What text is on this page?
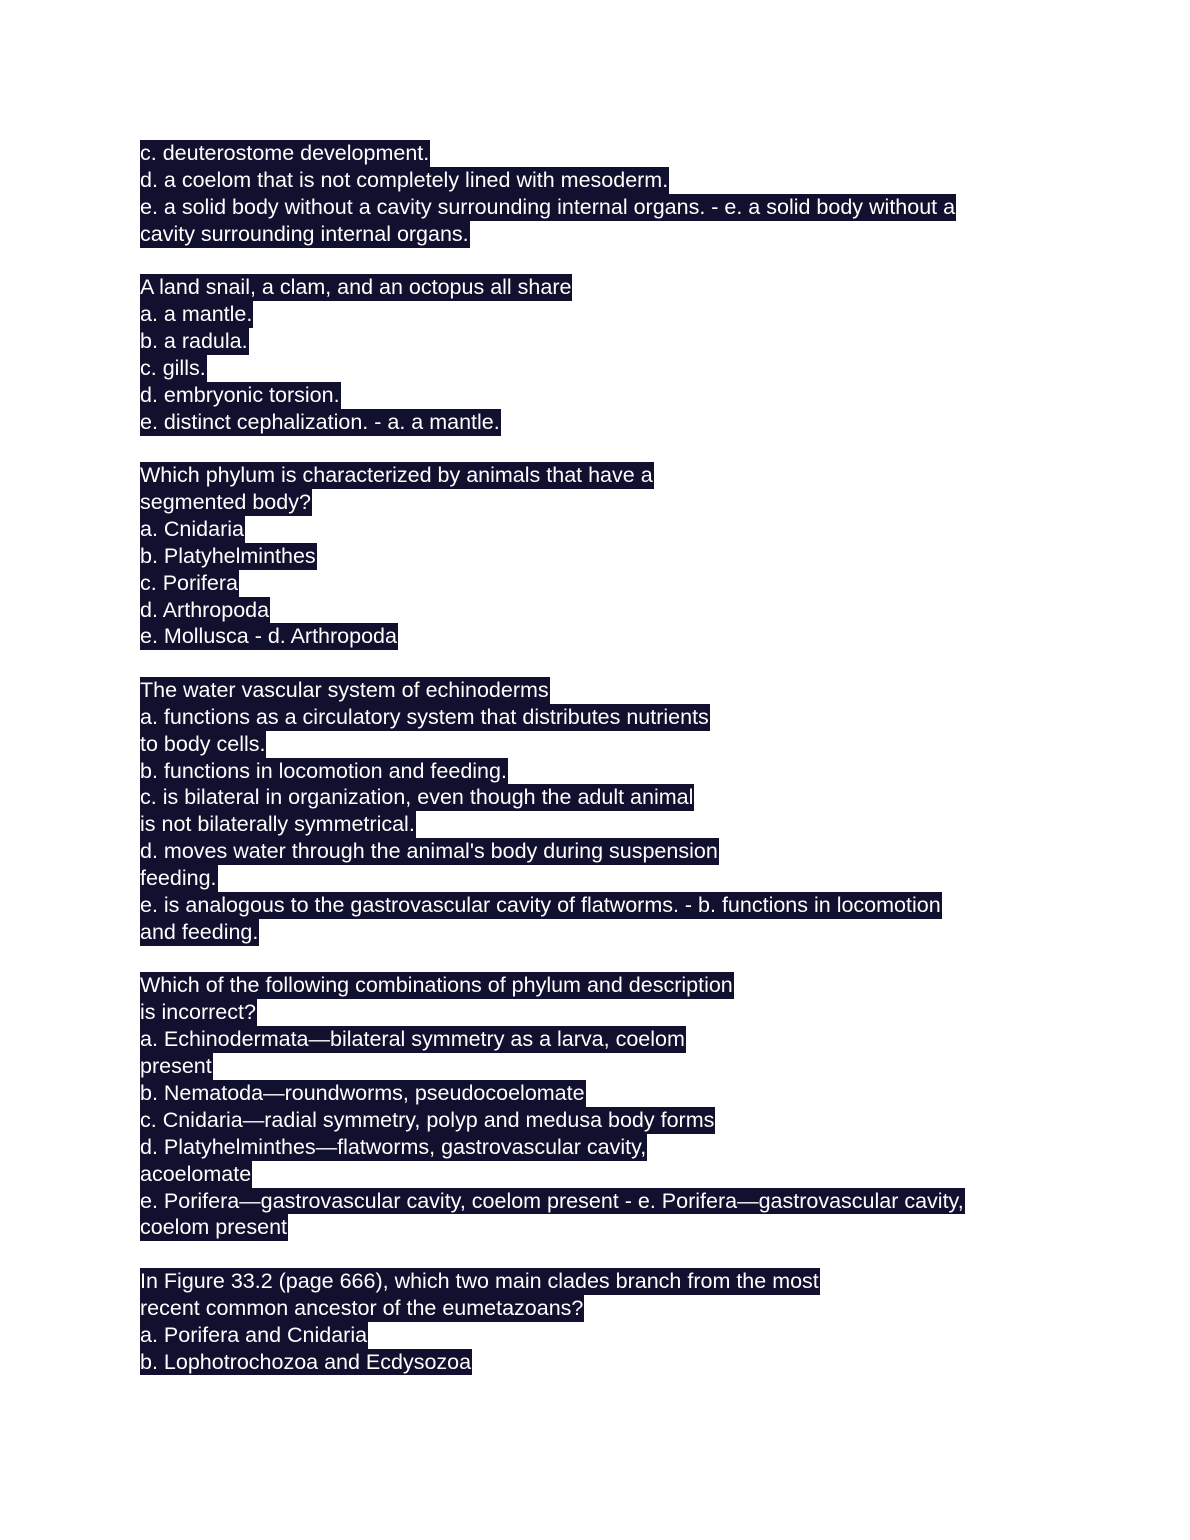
c. deuterostome development.
d. a coelom that is not completely lined with mesoderm.
e. a solid body without a cavity surrounding internal organs. - e. a solid body without a
cavity surrounding internal organs.
A land snail, a clam, and an octopus all share
a. a mantle.
b. a radula.
c. gills.
d. embryonic torsion.
e. distinct cephalization. - a. a mantle.
Which phylum is characterized by animals that have a
segmented body?
a. Cnidaria
b. Platyhelminthes
c. Porifera
d. Arthropoda
e. Mollusca - d. Arthropoda
The water vascular system of echinoderms
a. functions as a circulatory system that distributes nutrients
to body cells.
b. functions in locomotion and feeding.
c. is bilateral in organization, even though the adult animal
is not bilaterally symmetrical.
d. moves water through the animal's body during suspension
feeding.
e. is analogous to the gastrovascular cavity of flatworms. - b. functions in locomotion
and feeding.
Which of the following combinations of phylum and description
is incorrect?
a. Echinodermata—bilateral symmetry as a larva, coelom
present
b. Nematoda—roundworms, pseudocoelomate
c. Cnidaria—radial symmetry, polyp and medusa body forms
d. Platyhelminthes—flatworms, gastrovascular cavity,
acoelomate
e. Porifera—gastrovascular cavity, coelom present - e. Porifera—gastrovascular cavity,
coelom present
In Figure 33.2 (page 666), which two main clades branch from the most
recent common ancestor of the eumetazoans?
a. Porifera and Cnidaria
b. Lophotrochozoa and Ecdysozoa
